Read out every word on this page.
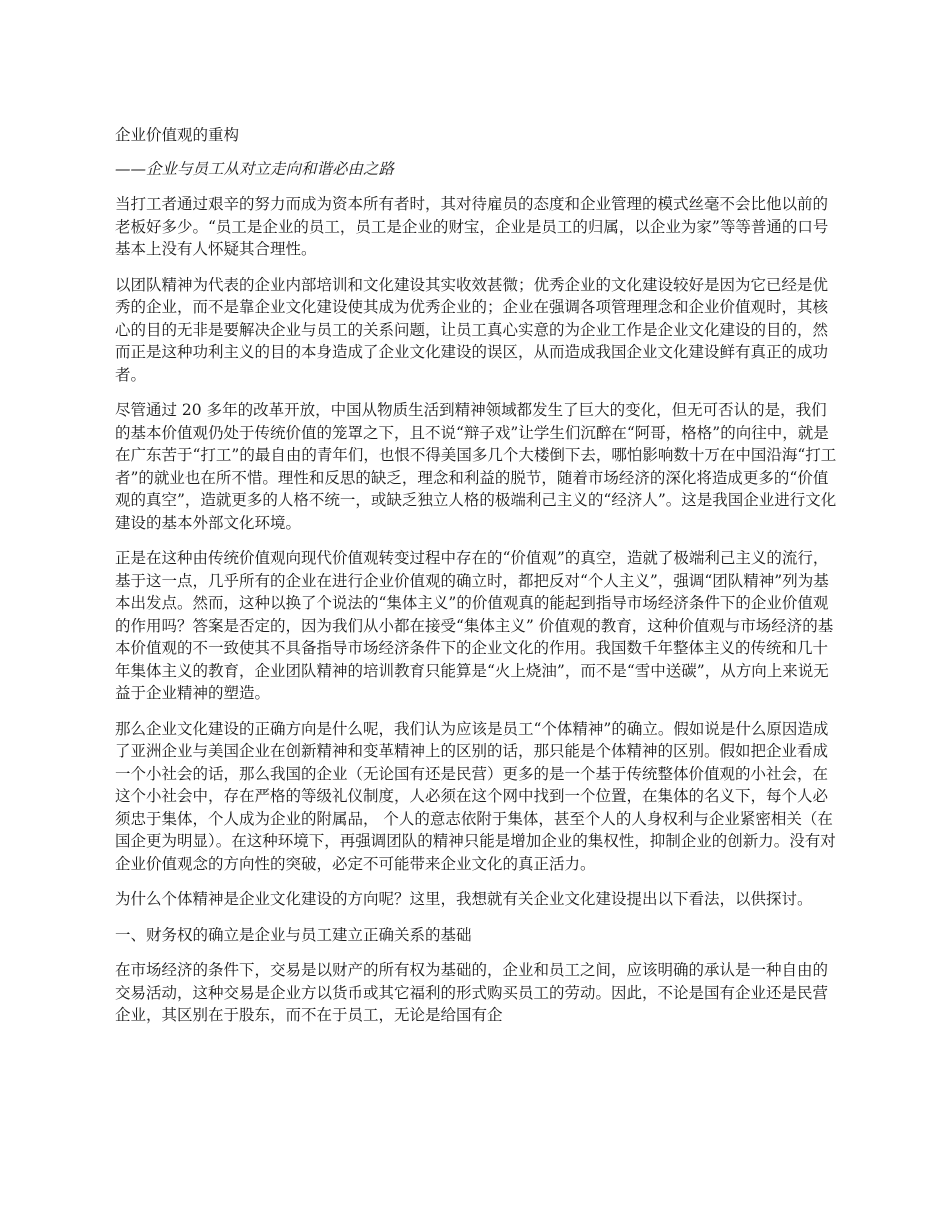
企业价值观的重构
——企业与员工从对立走向和谐必由之路

当打工者通过艰辛的努力而成为资本所有者时，其对待雇员的态度和企业管理的模式丝毫不会比他以前的老板好多少。“员工是企业的员工，员工是企业的财宝，企业是员工的归属，以企业为家”等等普通的口号基本上没有人怀疑其合理性。

以团队精神为代表的企业内部培训和文化建设其实收效甚微；优秀企业的文化建设较好是因为它已经是优秀的企业，而不是靠企业文化建设使其成为优秀企业的；企业在强调各项管理理念和企业价值观时，其核心的目的无非是要解决企业与员工的关系问题，让员工真心实意的为企业工作是企业文化建设的目的，然而正是这种功利主义的目的本身造成了企业文化建设的误区，从而造成我国企业文化建设鲜有真正的成功者。

尽管通过 20 多年的改革开放，中国从物质生活到精神领域都发生了巨大的变化，但无可否认的是，我们的基本价值观仍处于传统价值的笼罩之下，且不说“辩子戏”让学生们沉醉在“阿哥，格格”的向往中，就是在广东苦于“打工”的最自由的青年们，也恨不得美国多几个大楼倒下去，哪怕影响数十万在中国沿海“打工者”的就业也在所不惜。理性和反思的缺乏，理念和利益的脱节，随着市场经济的深化将造成更多的“价值观的真空”，造就更多的人格不统一，或缺乏独立人格的极端利己主义的“经济人”。这是我国企业进行文化建设的基本外部文化环境。

正是在这种由传统价值观向现代价值观转变过程中存在的“价值观”的真空，造就了极端利己主义的流行，基于这一点，几乎所有的企业在进行企业价值观的确立时，都把反对“个人主义”，强调“团队精神”列为基本出发点。然而，这种以换了个说法的“集体主义”的价值观真的能起到指导市场经济条件下的企业价值观的作用吗？答案是否定的，因为我们从小都在接受“集体主义” 价值观的教育，这种价值观与市场经济的基本价值观的不一致使其不具备指导市场经济条件下的企业文化的作用。我国数千年整体主义的传统和几十年集体主义的教育，企业团队精神的培训教育只能算是“火上烧油”，而不是“雪中送碳”，从方向上来说无益于企业精神的塑造。

那么企业文化建设的正确方向是什么呢，我们认为应该是员工“个体精神”的确立。假如说是什么原因造成了亚洲企业与美国企业在创新精神和变革精神上的区别的话，那只能是个体精神的区别。假如把企业看成一个小社会的话，那么我国的企业（无论国有还是民营）更多的是一个基于传统整体价值观的小社会，在这个小社会中，存在严格的等级礼仪制度，人必须在这个网中找到一个位置，在集体的名义下，每个人必须忠于集体，个人成为企业的附属品， 个人的意志依附于集体，甚至个人的人身权利与企业紧密相关（在国企更为明显）。在这种环境下，再强调团队的精神只能是增加企业的集权性，抑制企业的创新力。没有对企业价值观念的方向性的突破，必定不可能带来企业文化的真正活力。

为什么个体精神是企业文化建设的方向呢？这里，我想就有关企业文化建设提出以下看法，以供探讨。

一、财务权的确立是企业与员工建立正确关系的基础

在市场经济的条件下，交易是以财产的所有权为基础的，企业和员工之间，应该明确的承认是一种自由的交易活动，这种交易是企业方以货币或其它福利的形式购买员工的劳动。因此，不论是国有企业还是民营企业，其区别在于股东，而不在于员工，无论是给国有企
